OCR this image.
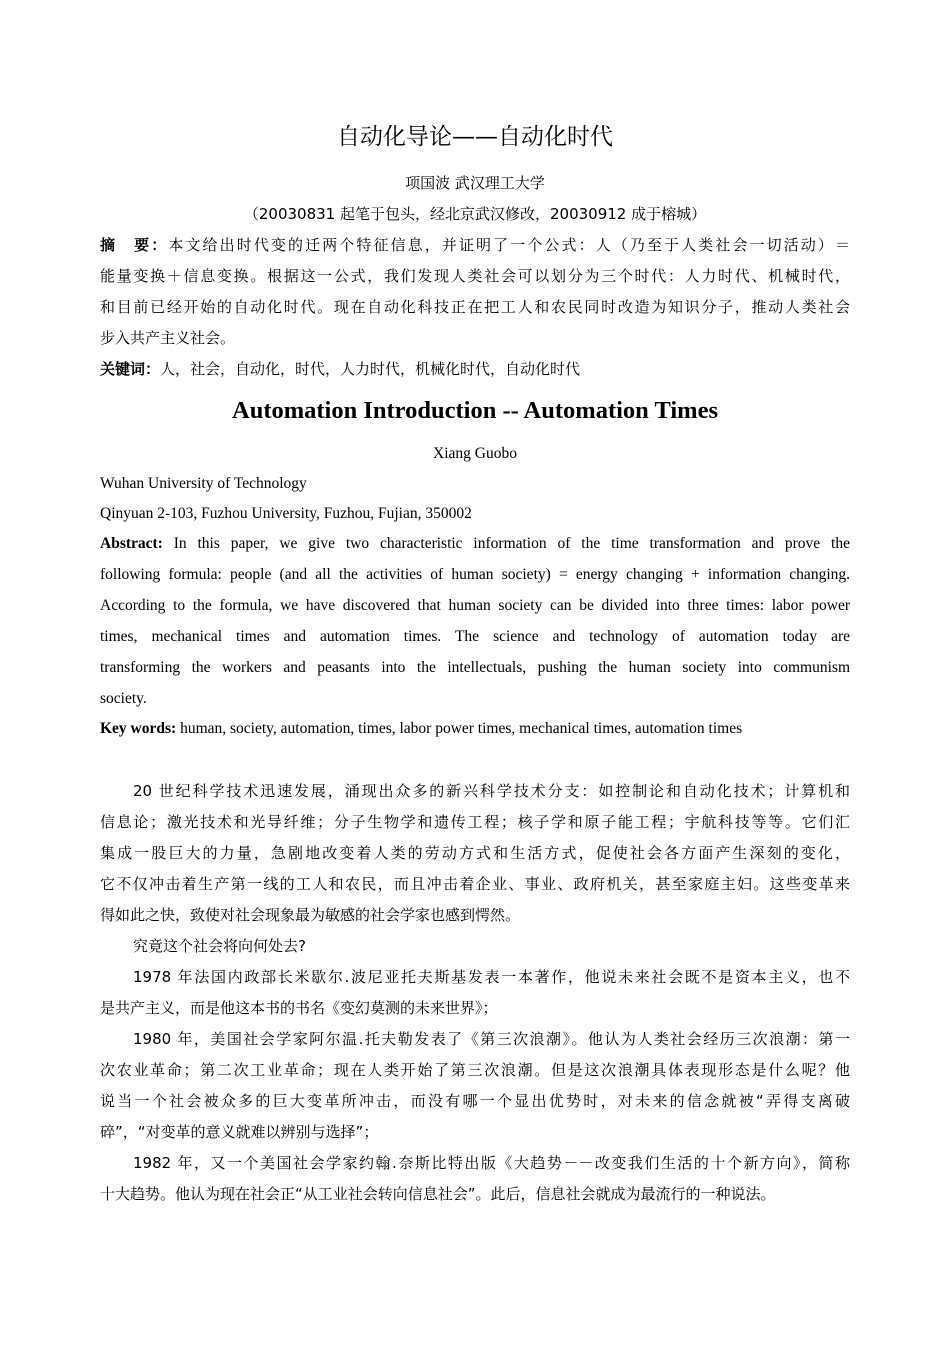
自动化导论——自动化时代
项国波 武汉理工大学
（20030831 起笔于包头，经北京武汉修改，20030912 成于榕城）
摘　要：本文给出时代变的迁两个特征信息，并证明了一个公式：人（乃至于人类社会一切活动）＝
能量变换＋信息变换。根据这一公式，我们发现人类社会可以划分为三个时代：人力时代、机械时代，
和目前已经开始的自动化时代。现在自动化科技正在把工人和农民同时改造为知识分子，推动人类社会
步入共产主义社会。
关键词：人，社会，自动化，时代，人力时代，机械化时代，自动化时代
Automation Introduction -- Automation Times
Xiang Guobo
Wuhan University of Technology
Qinyuan 2-103, Fuzhou University, Fuzhou, Fujian, 350002
Abstract: In this paper, we give two characteristic information of the time transformation and prove the
following formula: people (and all the activities of human society) = energy changing + information changing.
According to the formula, we have discovered that human society can be divided into three times: labor power
times, mechanical times and automation times. The science and technology of automation today are
transforming the workers and peasants into the intellectuals, pushing the human society into communism
society.
Key words: human, society, automation, times, labor power times, mechanical times, automation times
20 世纪科学技术迅速发展，涌现出众多的新兴科学技术分支：如控制论和自动化技术；计算机和
信息论；激光技术和光导纤维；分子生物学和遗传工程；核子学和原子能工程；宇航科技等等。它们汇
集成一股巨大的力量，急剧地改变着人类的劳动方式和生活方式，促使社会各方面产生深刻的变化，
它不仅冲击着生产第一线的工人和农民，而且冲击着企业、事业、政府机关，甚至家庭主妇。这些变革来
得如此之快，致使对社会现象最为敏感的社会学家也感到愕然。
究竟这个社会将向何处去?
1978 年法国内政部长米歇尔.波尼亚托夫斯基发表一本著作，他说未来社会既不是资本主义，也不
是共产主义，而是他这本书的书名《变幻莫测的未来世界》；
1980 年，美国社会学家阿尔温.托夫勒发表了《第三次浪潮》。他认为人类社会经历三次浪潮：第一
次农业革命；第二次工业革命；现在人类开始了第三次浪潮。但是这次浪潮具体表现形态是什么呢？他
说当一个社会被众多的巨大变革所冲击，而没有哪一个显出优势时，对未来的信念就被“弄得支离破
碎”，“对变革的意义就难以辨别与选择”；
1982 年，又一个美国社会学家约翰.奈斯比特出版《大趋势－－改变我们生活的十个新方向》，简称
十大趋势。他认为现在社会正“从工业社会转向信息社会”。此后，信息社会就成为最流行的一种说法。
